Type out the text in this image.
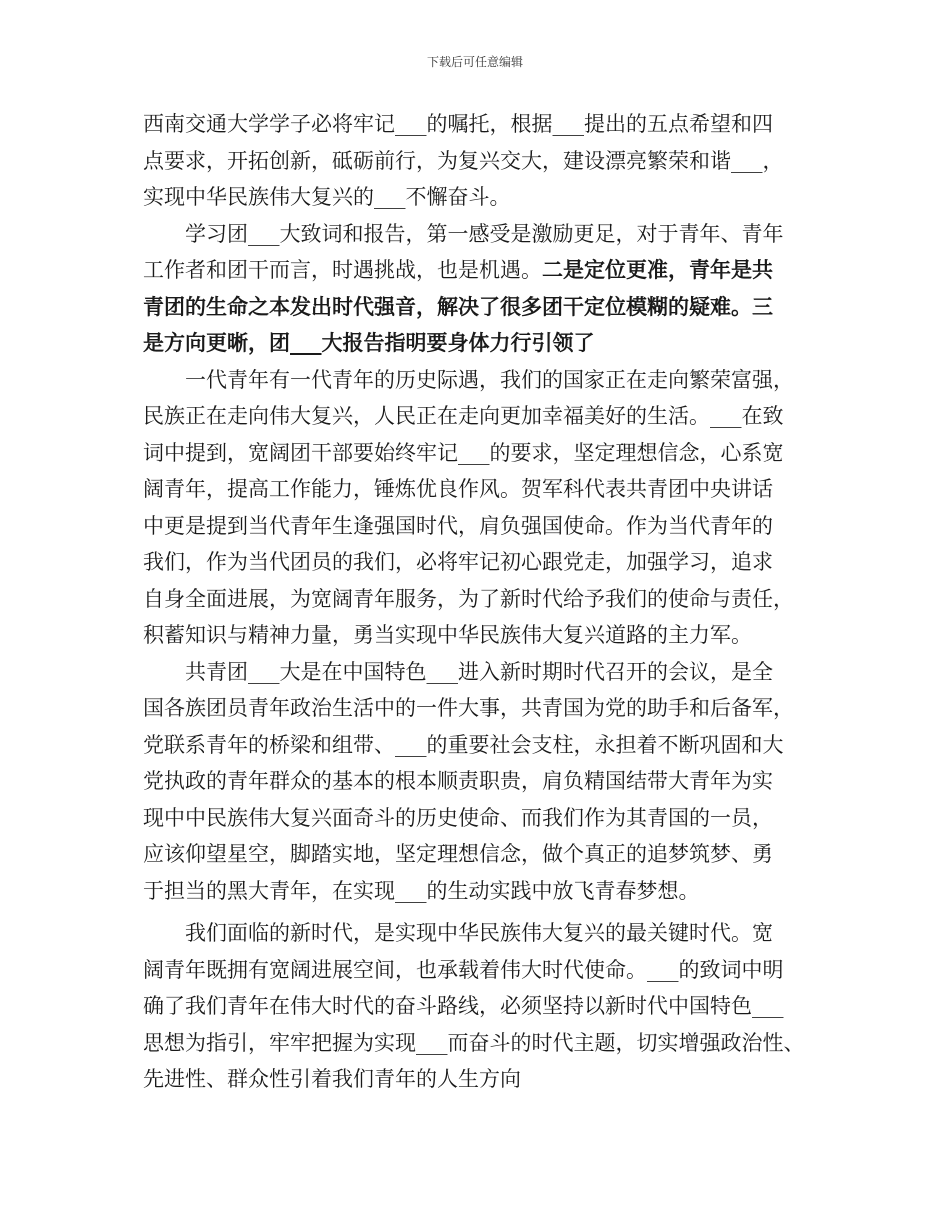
下载后可任意编辑
西南交通大学学子必将牢记___的嘱托，根据___提出的五点希望和四
点要求，开拓创新，砥砺前行，为复兴交大，建设漂亮繁荣和谐___，
实现中华民族伟大复兴的___不懈奋斗。
学习团___大致词和报告，第一感受是激励更足，对于青年、青年
工作者和团干而言，时遇挑战，也是机遇。二是定位更准，青年是共
青团的生命之本发出时代强音，解决了很多团干定位模糊的疑难。三
是方向更晰，团___大报告指明要身体力行引领了
一代青年有一代青年的历史际遇，我们的国家正在走向繁荣富强，
民族正在走向伟大复兴，人民正在走向更加幸福美好的生活。___在致
词中提到，宽阔团干部要始终牢记___的要求，坚定理想信念，心系宽
阔青年，提高工作能力，锤炼优良作风。贺军科代表共青团中央讲话
中更是提到当代青年生逢强国时代，肩负强国使命。作为当代青年的
我们，作为当代团员的我们，必将牢记初心跟党走，加强学习，追求
自身全面进展，为宽阔青年服务，为了新时代给予我们的使命与责任，
积蓄知识与精神力量，勇当实现中华民族伟大复兴道路的主力军。
共青团___大是在中国特色___进入新时期时代召开的会议，是全
国各族团员青年政治生活中的一件大事，共青国为党的助手和后备军，
党联系青年的桥梁和组带、___的重要社会支柱，永担着不断巩固和大
党执政的青年群众的基本的根本顺责职贵，肩负精国结带大青年为实
现中中民族伟大复兴面奇斗的历史使命、而我们作为其青国的一员，
应该仰望星空，脚踏实地，坚定理想信念，做个真正的追梦筑梦、勇
于担当的黑大青年，在实现___的生动实践中放飞青春梦想。
我们面临的新时代，是实现中华民族伟大复兴的最关键时代。宽
阔青年既拥有宽阔进展空间，也承载着伟大时代使命。___的致词中明
确了我们青年在伟大时代的奋斗路线，必须坚持以新时代中国特色___
思想为指引，牢牢把握为实现___而奋斗的时代主题，切实增强政治性、
先进性、群众性引着我们青年的人生方向
